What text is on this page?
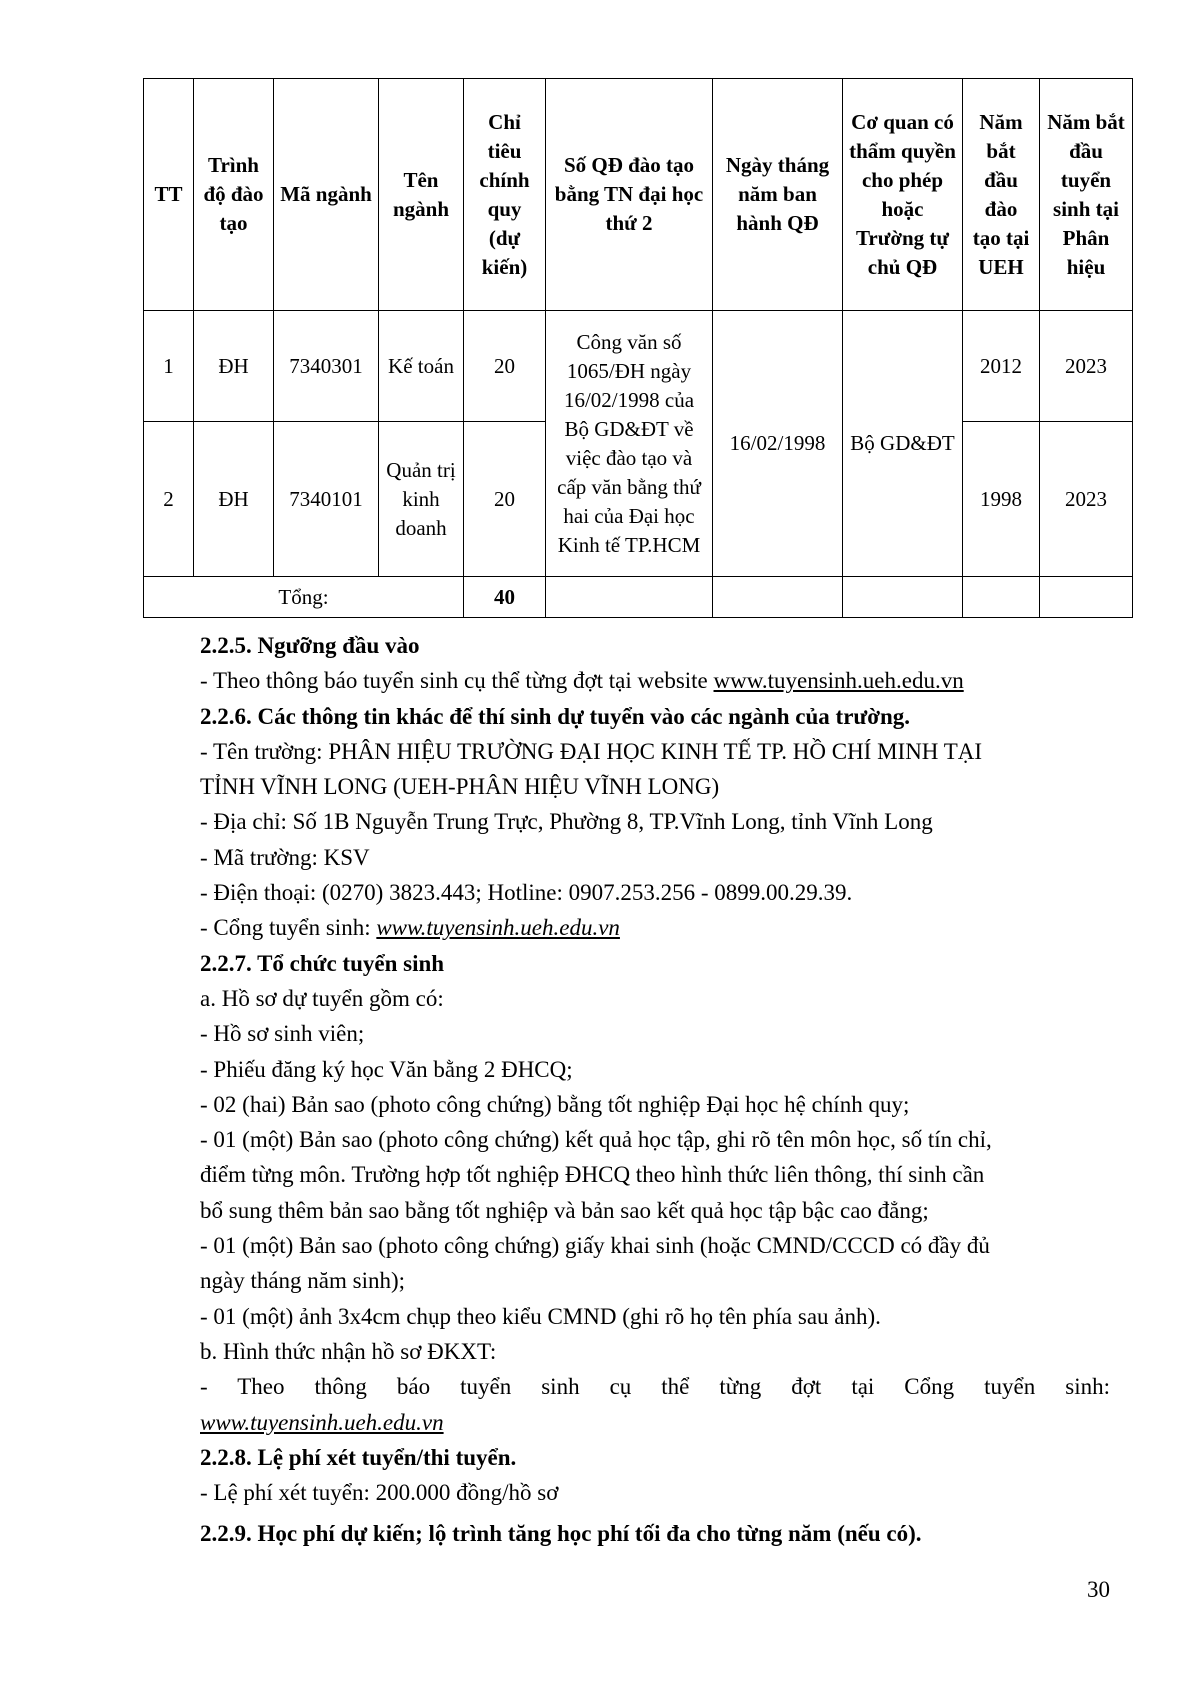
TT	Trình độ đào tạo	Mã ngành	Tên ngành	Chỉ tiêu chính quy (dự kiến)	Số QĐ đào tạo bằng TN đại học thứ 2	Ngày tháng năm ban hành QĐ	Cơ quan có thẩm quyền cho phép hoặc Trường tự chủ QĐ	Năm bắt đầu đào tạo tại UEH	Năm bắt đầu tuyển sinh tại Phân hiệu
1	ĐH	7340301	Kế toán	20	Công văn số 1065/ĐH ngày 16/02/1998 của Bộ GD&ĐT về việc đào tạo và cấp văn bằng thứ hai của Đại học Kinh tế TP.HCM	16/02/1998	Bộ GD&ĐT	2012	2023
2	ĐH	7340101	Quản trị kinh doanh	20				1998	2023
Tổng:				40					
2.2.5. Ngưỡng đầu vào
- Theo thông báo tuyển sinh cụ thể từng đợt tại website www.tuyensinh.ueh.edu.vn
2.2.6. Các thông tin khác để thí sinh dự tuyển vào các ngành của trường.
- Tên trường: PHÂN HIỆU TRƯỜNG ĐẠI HỌC KINH TẾ TP. HỒ CHÍ MINH TẠI
TỈNH VĨNH LONG (UEH-PHÂN HIỆU VĨNH LONG)
- Địa chỉ: Số 1B Nguyễn Trung Trực, Phường 8, TP.Vĩnh Long, tỉnh Vĩnh Long
- Mã trường: KSV
- Điện thoại: (0270) 3823.443; Hotline: 0907.253.256 - 0899.00.29.39.
- Cổng tuyển sinh: www.tuyensinh.ueh.edu.vn
2.2.7. Tổ chức tuyển sinh
a. Hồ sơ dự tuyển gồm có:
- Hồ sơ sinh viên;
- Phiếu đăng ký học Văn bằng 2 ĐHCQ;
- 02 (hai) Bản sao (photo công chứng) bằng tốt nghiệp Đại học hệ chính quy;
- 01 (một) Bản sao (photo công chứng) kết quả học tập, ghi rõ tên môn học, số tín chỉ,
điểm từng môn. Trường hợp tốt nghiệp ĐHCQ theo hình thức liên thông, thí sinh cần
bổ sung thêm bản sao bằng tốt nghiệp và bản sao kết quả học tập bậc cao đẳng;
- 01 (một) Bản sao (photo công chứng) giấy khai sinh (hoặc CMND/CCCD có đầy đủ
ngày tháng năm sinh);
- 01 (một) ảnh 3x4cm chụp theo kiểu CMND (ghi rõ họ tên phía sau ảnh).
b. Hình thức nhận hồ sơ ĐKXT:
- Theo thông báo tuyển sinh cụ thể từng đợt tại Cổng tuyển sinh:
www.tuyensinh.ueh.edu.vn
2.2.8. Lệ phí xét tuyển/thi tuyển.
- Lệ phí xét tuyển: 200.000 đồng/hồ sơ
2.2.9. Học phí dự kiến; lộ trình tăng học phí tối đa cho từng năm (nếu có).
30
